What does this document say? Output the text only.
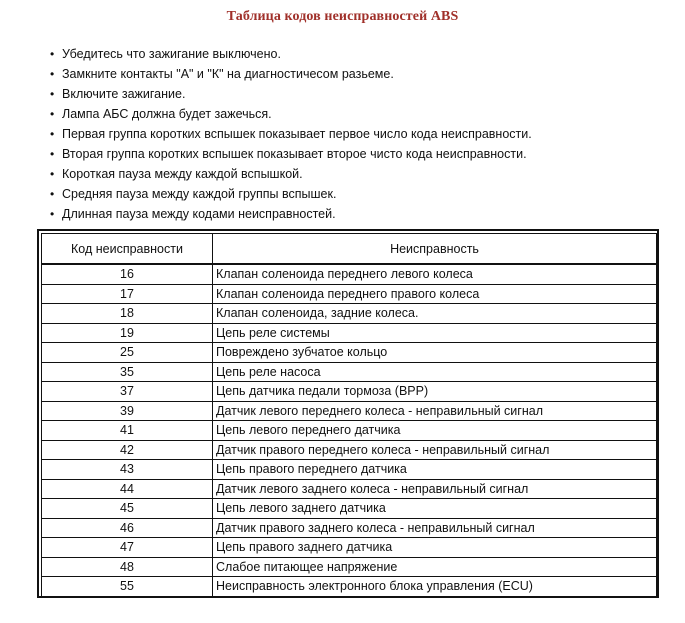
Таблица кодов неисправностей ABS
• Убедитесь что зажигание выключено.
• Замкните контакты "А" и "К" на диагностичесом разьеме.
• Включите зажигание.
• Лампа АБС должна будет зажечься.
• Первая группа коротких вспышек показывает первое число кода неисправности.
• Вторая группа коротких вспышек показывает второе чисто кода неисправности.
• Короткая пауза между каждой вспышкой.
• Средняя пауза между каждой группы вспышек.
• Длинная пауза между кодами неисправностей.
Код неисправности	Неисправность
16	Клапан соленоида переднего левого колеса
17	Клапан соленоида переднего правого колеса
18	Клапан соленоида, задние колеса.
19	Цепь реле системы
25	Повреждено зубчатое кольцо
35	Цепь реле насоса
37	Цепь датчика педали тормоза (BPP)
39	Датчик левого переднего колеса - неправильный сигнал
41	Цепь левого переднего датчика
42	Датчик правого переднего колеса - неправильный сигнал
43	Цепь правого переднего датчика
44	Датчик левого заднего колеса - неправильный сигнал
45	Цепь левого заднего датчика
46	Датчик правого заднего колеса - неправильный сигнал
47	Цепь правого заднего датчика
48	Слабое питающее напряжение
55	Неисправность электронного блока управления (ECU)
